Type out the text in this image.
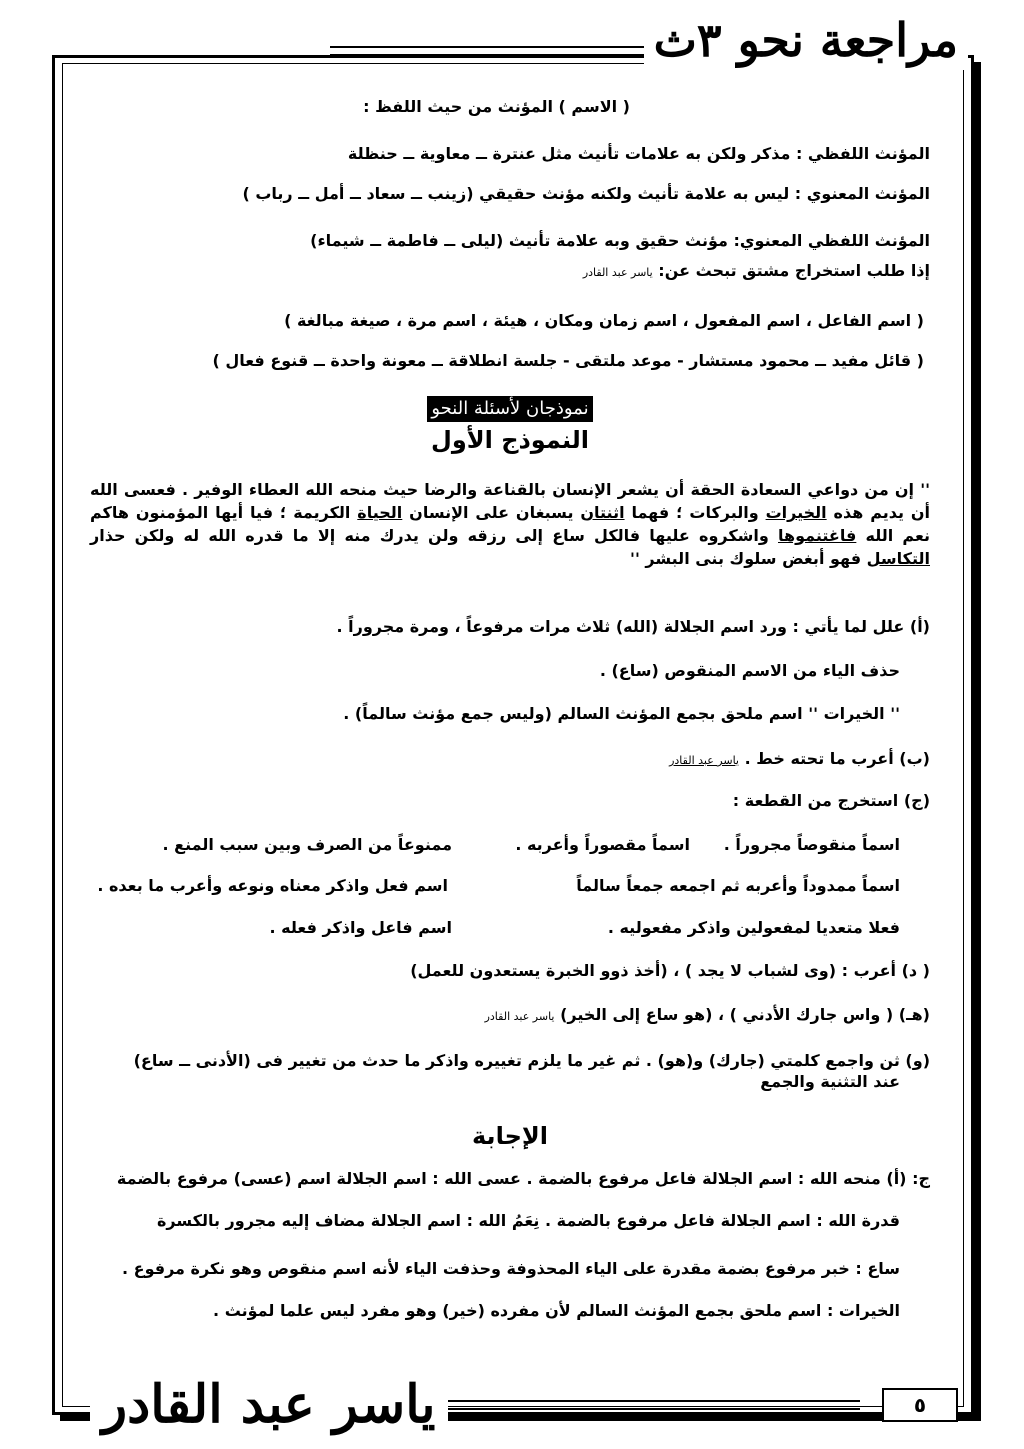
مراجعة نحو ٣ث
( الاسم ) المؤنث من حيث اللفظ :
المؤنث اللفظي : مذكر ولكن به علامات تأنيث مثل عنترة ــ معاوية ــ حنظلة
المؤنث المعنوي : ليس به علامة تأنيث ولكنه مؤنث حقيقي (زينب ــ سعاد ــ أمل ــ رباب )
المؤنث اللفظي المعنوي: مؤنث حقيق وبه علامة تأنيث (ليلى ــ فاطمة ــ شيماء)
إذا طلب استخراج مشتق تبحث عن: ياسر عبد القادر
( اسم الفاعل ، اسم المفعول ، اسم زمان ومكان ، هيئة ، اسم مرة ، صيغة مبالغة )
( قائل مفيد ــ محمود مستشار - موعد ملتقى - جلسة انطلاقة ــ معونة واحدة ــ قنوع فعال )
نموذجان لأسئلة النحو
النموذج الأول
'' إن من دواعي السعادة الحقة أن يشعر الإنسان بالقناعة والرضا حيث منحه الله العطاء الوفير . فعسى الله أن يديم هذه الخيرات والبركات ؛ فهما اثنتان يسبغان على الإنسان الحياة الكريمة ؛ فيا أيها المؤمنون هاكم نعم الله فاغتنموها واشكروه عليها فالكل ساع إلى رزقه ولن يدرك منه إلا ما قدره الله له ولكن حذار التكاسل فهو أبغض سلوك بنى البشر ''
(أ) علل لما يأتي : ورد اسم الجلالة (الله) ثلاث مرات مرفوعاً ، ومرة مجروراً .
حذف الياء من الاسم المنقوص (ساع) .
'' الخيرات '' اسم ملحق بجمع المؤنث السالم (وليس جمع مؤنث سالماً) .
(ب) أعرب ما تحته خط . ياسر عبد القادر
(ج) استخرج من القطعة :
اسماً منقوصاً مجروراً .
اسماً مقصوراً وأعربه .
ممنوعاً من الصرف وبين سبب المنع .
اسماً ممدوداً وأعربه ثم اجمعه جمعاً سالماً
اسم فعل واذكر معناه ونوعه وأعرب ما بعده .
فعلا متعديا لمفعولين واذكر مفعوليه .
اسم فاعل واذكر فعله .
( د) أعرب : (وى لشباب لا يجد ) ، (أخذ ذوو الخبرة يستعدون للعمل)
(هـ) ( واس جارك الأدني ) ، (هو ساع إلى الخير) ياسر عبد القادر
(و) ثن واجمع كلمتي (جارك) و(هو) . ثم غير ما يلزم تغييره واذكر ما حدث من تغيير فى (الأدنى ــ ساع)
عند التثنية والجمع
الإجابة
ج: (أ) منحه الله : اسم الجلالة فاعل مرفوع بالضمة . عسى الله : اسم الجلالة اسم (عسى) مرفوع بالضمة
قدرة الله : اسم الجلالة فاعل مرفوع بالضمة . نِعَمُ الله : اسم الجلالة مضاف إليه مجرور بالكسرة
ساع : خبر مرفوع بضمة مقدرة على الياء المحذوفة وحذفت الياء لأنه اسم منقوص وهو نكرة مرفوع .
الخيرات : اسم ملحق بجمع المؤنث السالم لأن مفرده (خير) وهو مفرد ليس علما لمؤنث .
ياسر عبد القادر	٥
